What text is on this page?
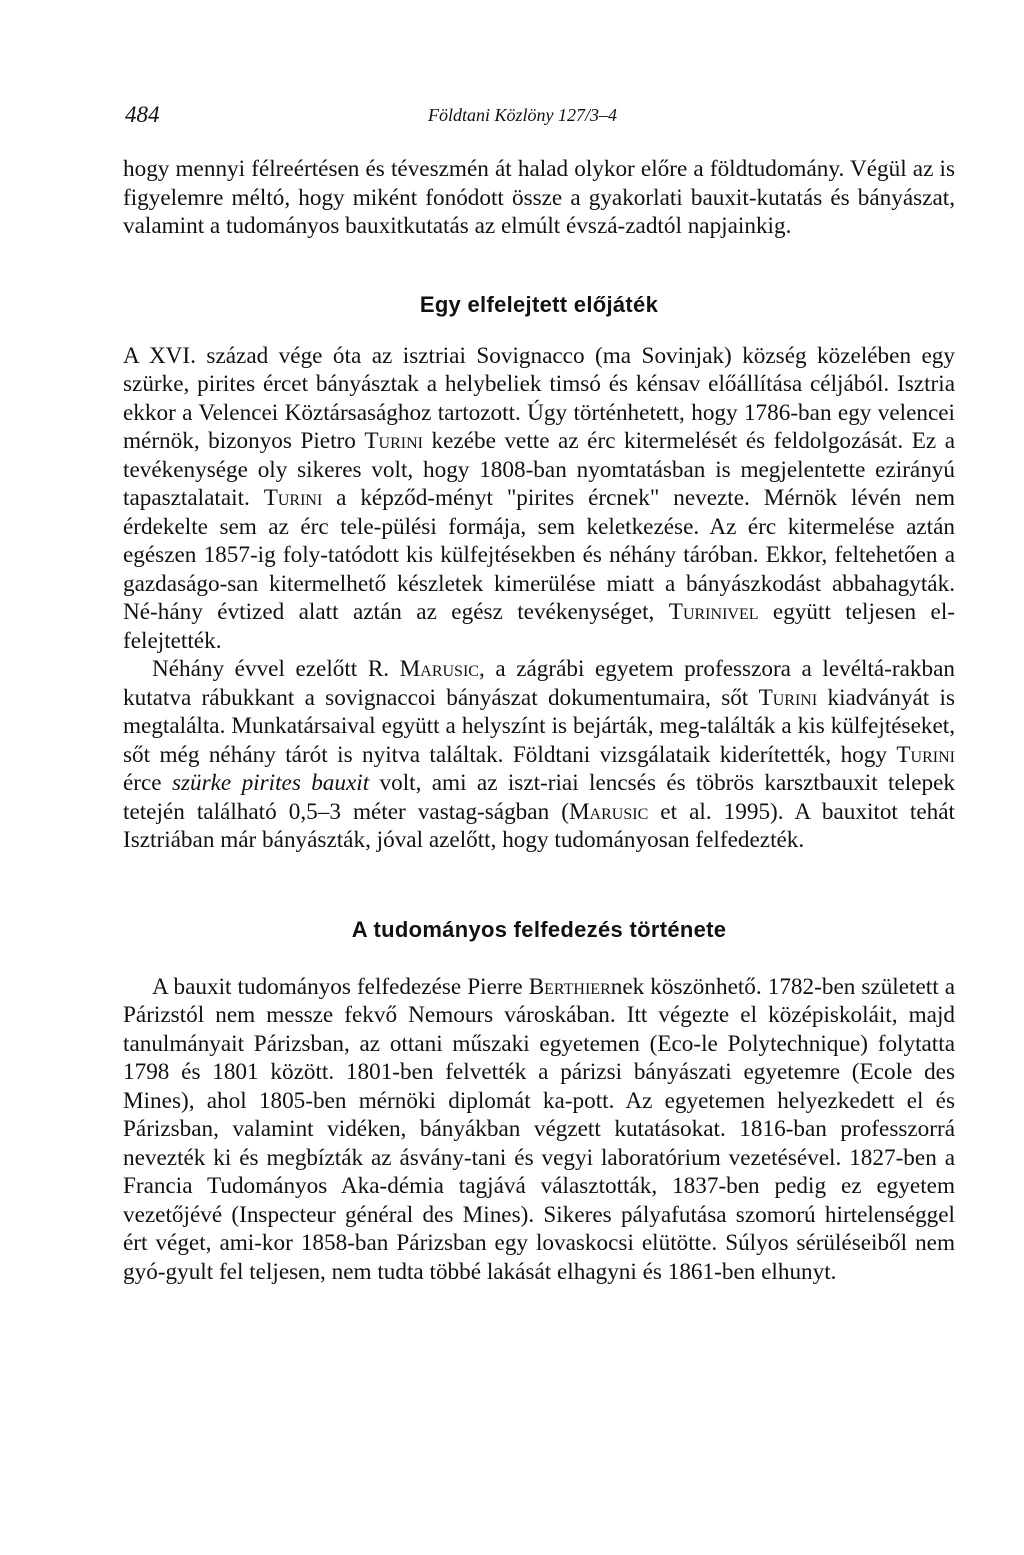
484	Földtani Közlöny 127/3–4

hogy mennyi félreértésen és téveszmén át halad olykor előre a földtudomány. Végül az is figyelemre méltó, hogy miként fonódott össze a gyakorlati bauxit-kutatás és bányászat, valamint a tudományos bauxitkutatás az elmúlt évszá-zadtól napjainkig.

Egy elfelejtett előjáték

A XVI. század vége óta az isztriai Sovignacco (ma Sovinjak) község közelében egy szürke, pirites ércet bányásztak a helybeliek timsó és kénsav előállítása céljából. Isztria ekkor a Velencei Köztársasághoz tartozott. Úgy történhetett, hogy 1786-ban egy velencei mérnök, bizonyos Pietro Turini kezébe vette az érc kitermelését és feldolgozását. Ez a tevékenysége oly sikeres volt, hogy 1808-ban nyomtatásban is megjelentette ezirányú tapasztalatait. Turini a képződ-ményt "pirites ércnek" nevezte. Mérnök lévén nem érdekelte sem az érc tele-pülési formája, sem keletkezése. Az érc kitermelése aztán egészen 1857-ig foly-tatódott kis külfejtésekben és néhány táróban. Ekkor, feltehetően a gazdaságo-san kitermelhető készletek kimerülése miatt a bányászkodást abbahagyták. Né-hány évtized alatt aztán az egész tevékenységet, Turinivel együtt teljesen el-felejtették.

Néhány évvel ezelőtt R. Marusic, a zágrábi egyetem professzora a levéltá-rakban kutatva rábukkant a sovignaccoi bányászat dokumentumaira, sőt Turini kiadványát is megtalálta. Munkatársaival együtt a helyszínt is bejárták, meg-találták a kis külfejtéseket, sőt még néhány tárót is nyitva találtak. Földtani vizsgálataik kiderítették, hogy Turini érce szürke pirites bauxit volt, ami az iszt-riai lencsés és töbrös karsztbauxit telepek tetején található 0,5–3 méter vastag-ságban (Marusic et al. 1995). A bauxitot tehát Isztriában már bányászták, jóval azelőtt, hogy tudományosan felfedezték.

A tudományos felfedezés története

A bauxit tudományos felfedezése Pierre Berthiernek köszönhető. 1782-ben született a Párizstól nem messze fekvő Nemours városkában. Itt végezte el középiskoláit, majd tanulmányait Párizsban, az ottani műszaki egyetemen (Eco-le Polytechnique) folytatta 1798 és 1801 között. 1801-ben felvették a párizsi bányászati egyetemre (Ecole des Mines), ahol 1805-ben mérnöki diplomát ka-pott. Az egyetemen helyezkedett el és Párizsban, valamint vidéken, bányákban végzett kutatásokat. 1816-ban professzorrá nevezték ki és megbízták az ásvány-tani és vegyi laboratórium vezetésével. 1827-ben a Francia Tudományos Aka-démia tagjává választották, 1837-ben pedig ez egyetem vezetőjévé (Inspecteur général des Mines). Sikeres pályafutása szomorú hirtelenséggel ért véget, ami-kor 1858-ban Párizsban egy lovaskocsi elütötte. Súlyos sérüléseiből nem gyó-gyult fel teljesen, nem tudta többé lakását elhagyni és 1861-ben elhunyt.
